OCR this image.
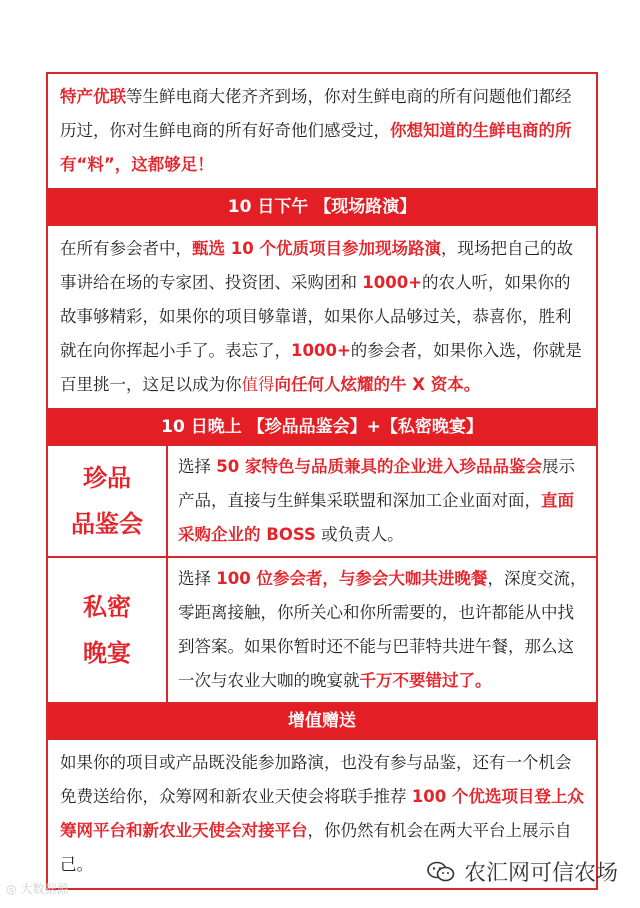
特产优联等生鲜电商大佬齐齐到场，你对生鲜电商的所有问题他们都经历过，你对生鲜电商的所有好奇他们感受过，你想知道的生鲜电商的所有“料”，这都够足！
10 日下午 【现场路演】
在所有参会者中，甄选 10 个优质项目参加现场路演，现场把自己的故事讲给在场的专家团、投资团、采购团和 1000+的农人听，如果你的故事够精彩，如果你的项目够靠谱，如果你人品够过关，恭喜你，胜利就在向你挥起小手了。表忘了，1000+的参会者，如果你入选，你就是百里挑一，这足以成为你值得向任何人炫耀的牛 X 资本。
10 日晚上 【珍品品鉴会】+【私密晚宴】
珍品
品鉴会
选择 50 家特色与品质兼具的企业进入珍品品鉴会展示产品，直接与生鲜集采联盟和深加工企业面对面，直面采购企业的 BOSS 或负责人。
私密
晚宴
选择 100 位参会者，与参会大咖共进晚餐，深度交流，零距离接触，你所关心和你所需要的，也许都能从中找到答案。如果你暂时还不能与巴菲特共进午餐，那么这一次与农业大咖的晚宴就千万不要错过了。
增值赠送
如果你的项目或产品既没能参加路演，也没有参与品鉴，还有一个机会免费送给你，众筹网和新农业天使会将联手推荐 100 个优选项目登上众筹网平台和新农业天使会对接平台，你仍然有机会在两大平台上展示自己。
◎ 大数据源
农汇网可信农场
